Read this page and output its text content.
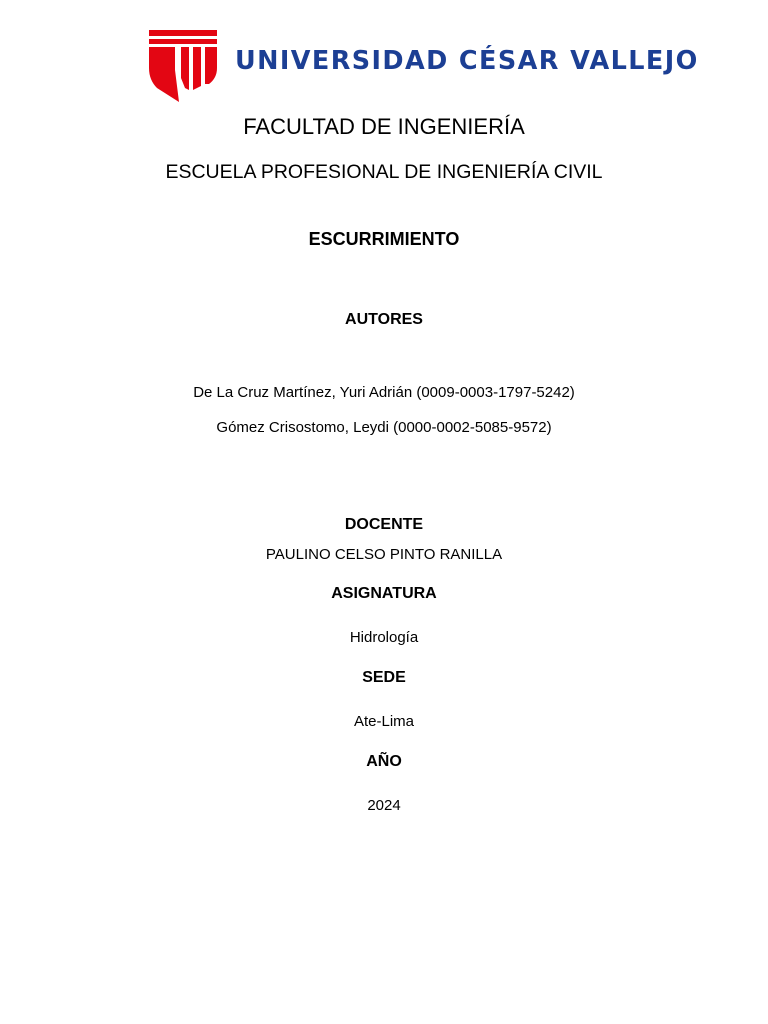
UNIVERSIDAD CÉSAR VALLEJO
FACULTAD DE INGENIERÍA
ESCUELA PROFESIONAL DE INGENIERÍA CIVIL
ESCURRIMIENTO
AUTORES
De La Cruz Martínez, Yuri Adrián (0009-0003-1797-5242)
Gómez Crisostomo, Leydi (0000-0002-5085-9572)
DOCENTE
PAULINO CELSO PINTO RANILLA
ASIGNATURA
Hidrología
SEDE
Ate-Lima
AÑO
2024
